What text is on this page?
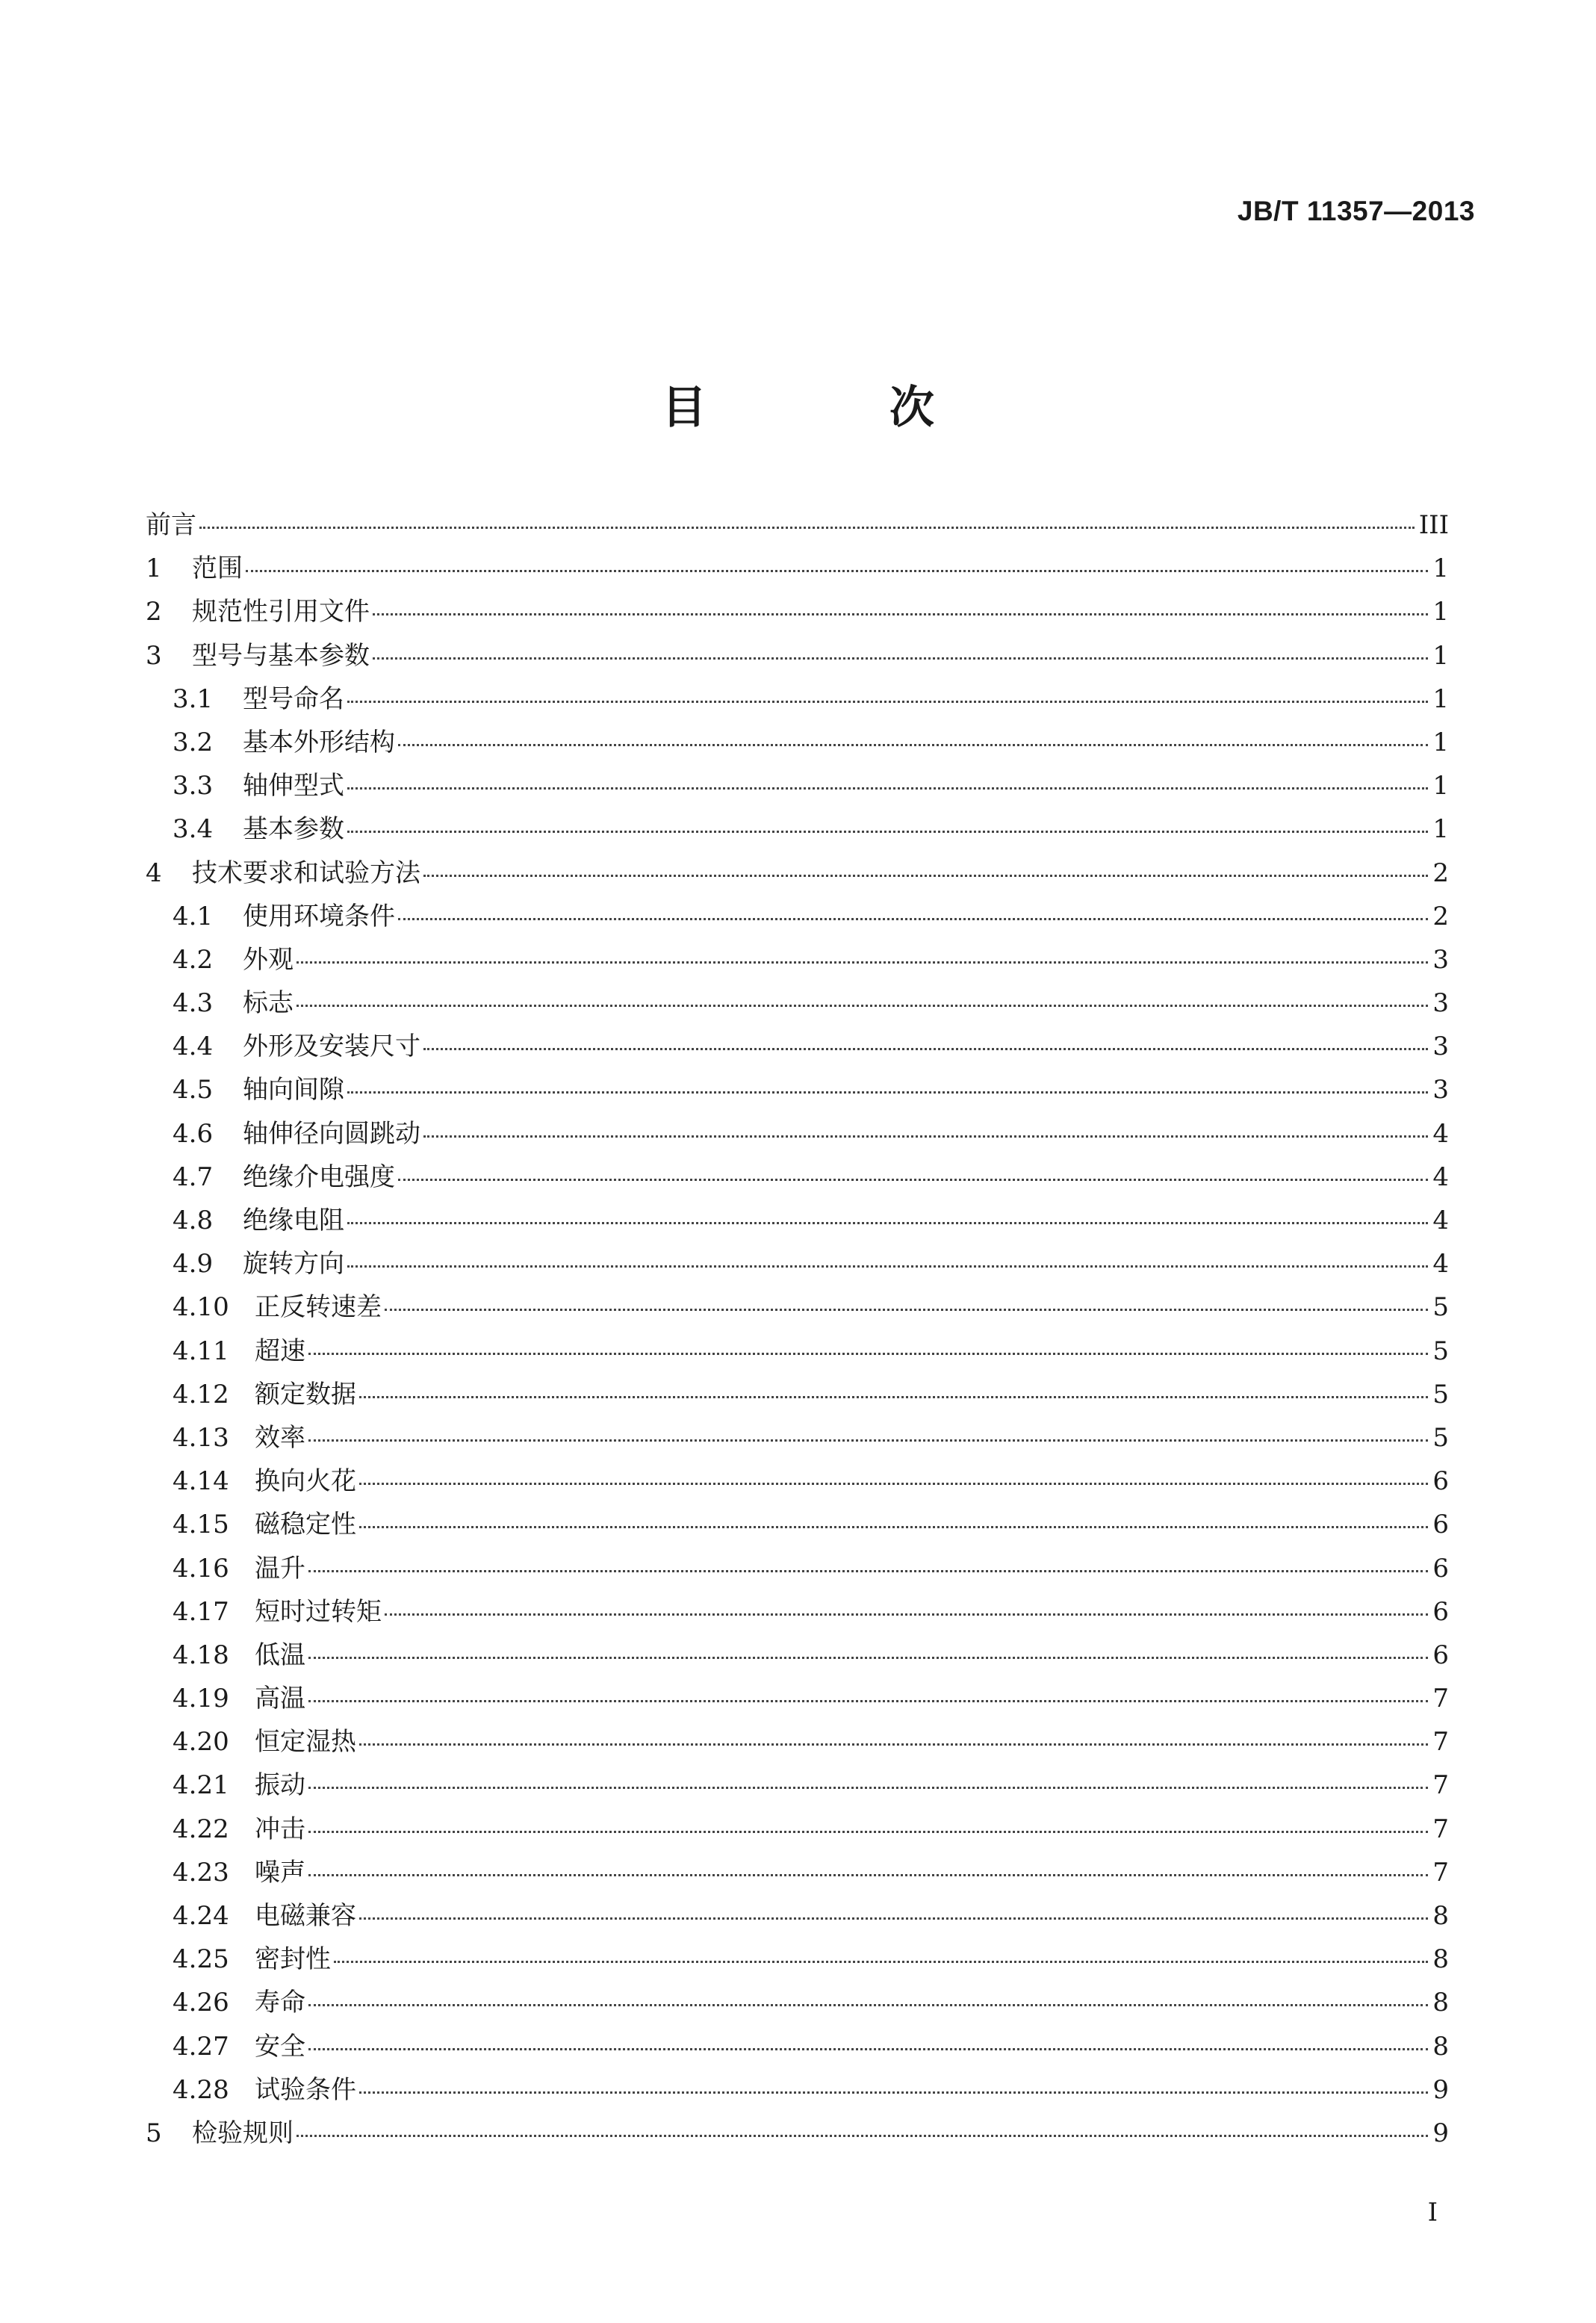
JB/T 11357—2013
目 次
前言	III
1	范围	1
2	规范性引用文件	1
3	型号与基本参数	1
3.1	型号命名	1
3.2	基本外形结构	1
3.3	轴伸型式	1
3.4	基本参数	1
4	技术要求和试验方法	2
4.1	使用环境条件	2
4.2	外观	3
4.3	标志	3
4.4	外形及安装尺寸	3
4.5	轴向间隙	3
4.6	轴伸径向圆跳动	4
4.7	绝缘介电强度	4
4.8	绝缘电阻	4
4.9	旋转方向	4
4.10	正反转速差	5
4.11	超速	5
4.12	额定数据	5
4.13	效率	5
4.14	换向火花	6
4.15	磁稳定性	6
4.16	温升	6
4.17	短时过转矩	6
4.18	低温	6
4.19	高温	7
4.20	恒定湿热	7
4.21	振动	7
4.22	冲击	7
4.23	噪声	7
4.24	电磁兼容	8
4.25	密封性	8
4.26	寿命	8
4.27	安全	8
4.28	试验条件	9
5	检验规则	9
I
